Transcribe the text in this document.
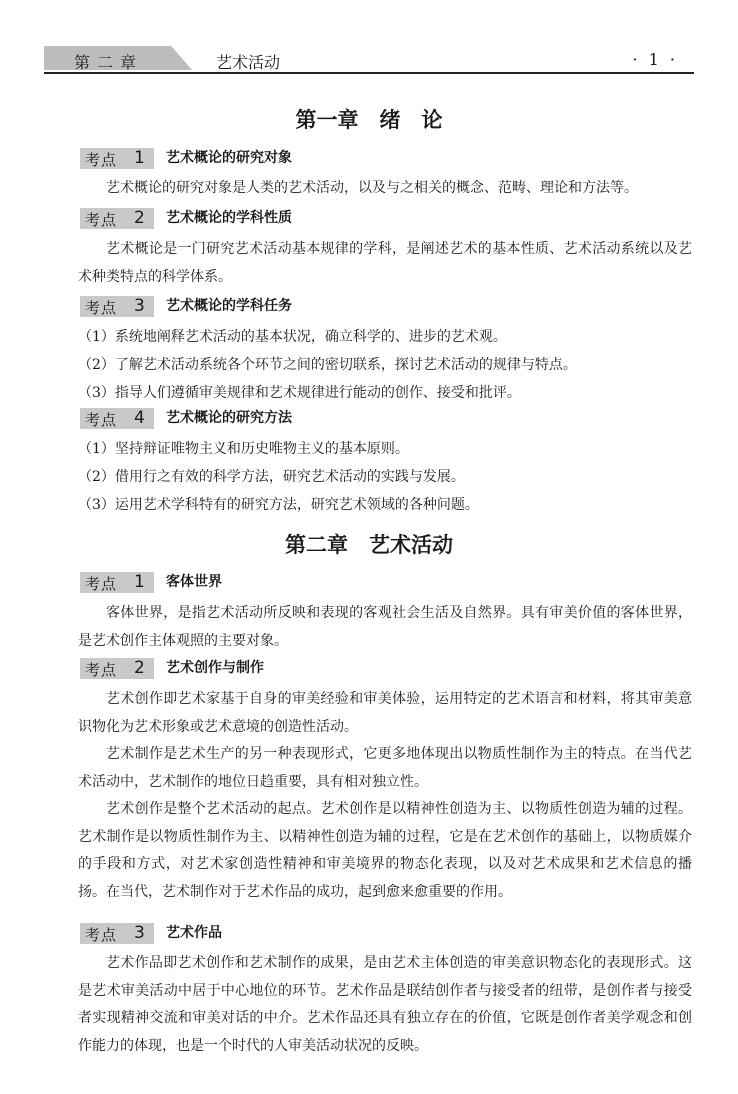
第二章	艺术活动	· 1 ·
第一章　绪　论
考点 1 艺术概论的研究对象
艺术概论的研究对象是人类的艺术活动，以及与之相关的概念、范畴、理论和方法等。
考点 2 艺术概论的学科性质
艺术概论是一门研究艺术活动基本规律的学科，是阐述艺术的基本性质、艺术活动系统以及艺术种类特点的科学体系。
考点 3 艺术概论的学科任务
（1）系统地阐释艺术活动的基本状况，确立科学的、进步的艺术观。
（2）了解艺术活动系统各个环节之间的密切联系，探讨艺术活动的规律与特点。
（3）指导人们遵循审美规律和艺术规律进行能动的创作、接受和批评。
考点 4 艺术概论的研究方法
（1）坚持辩证唯物主义和历史唯物主义的基本原则。
（2）借用行之有效的科学方法，研究艺术活动的实践与发展。
（3）运用艺术学科特有的研究方法，研究艺术领域的各种问题。
第二章　艺术活动
考点 1 客体世界
客体世界，是指艺术活动所反映和表现的客观社会生活及自然界。具有审美价值的客体世界，是艺术创作主体观照的主要对象。
考点 2 艺术创作与制作
艺术创作即艺术家基于自身的审美经验和审美体验，运用特定的艺术语言和材料，将其审美意识物化为艺术形象或艺术意境的创造性活动。
艺术制作是艺术生产的另一种表现形式，它更多地体现出以物质性制作为主的特点。在当代艺术活动中，艺术制作的地位日趋重要，具有相对独立性。
艺术创作是整个艺术活动的起点。艺术创作是以精神性创造为主、以物质性创造为辅的过程。艺术制作是以物质性制作为主、以精神性创造为辅的过程，它是在艺术创作的基础上，以物质媒介的手段和方式，对艺术家创造性精神和审美境界的物态化表现，以及对艺术成果和艺术信息的播扬。在当代，艺术制作对于艺术作品的成功，起到愈来愈重要的作用。
考点 3 艺术作品
艺术作品即艺术创作和艺术制作的成果，是由艺术主体创造的审美意识物态化的表现形式。这是艺术审美活动中居于中心地位的环节。艺术作品是联结创作者与接受者的纽带，是创作者与接受者实现精神交流和审美对话的中介。艺术作品还具有独立存在的价值，它既是创作者美学观念和创作能力的体现，也是一个时代的人审美活动状况的反映。
